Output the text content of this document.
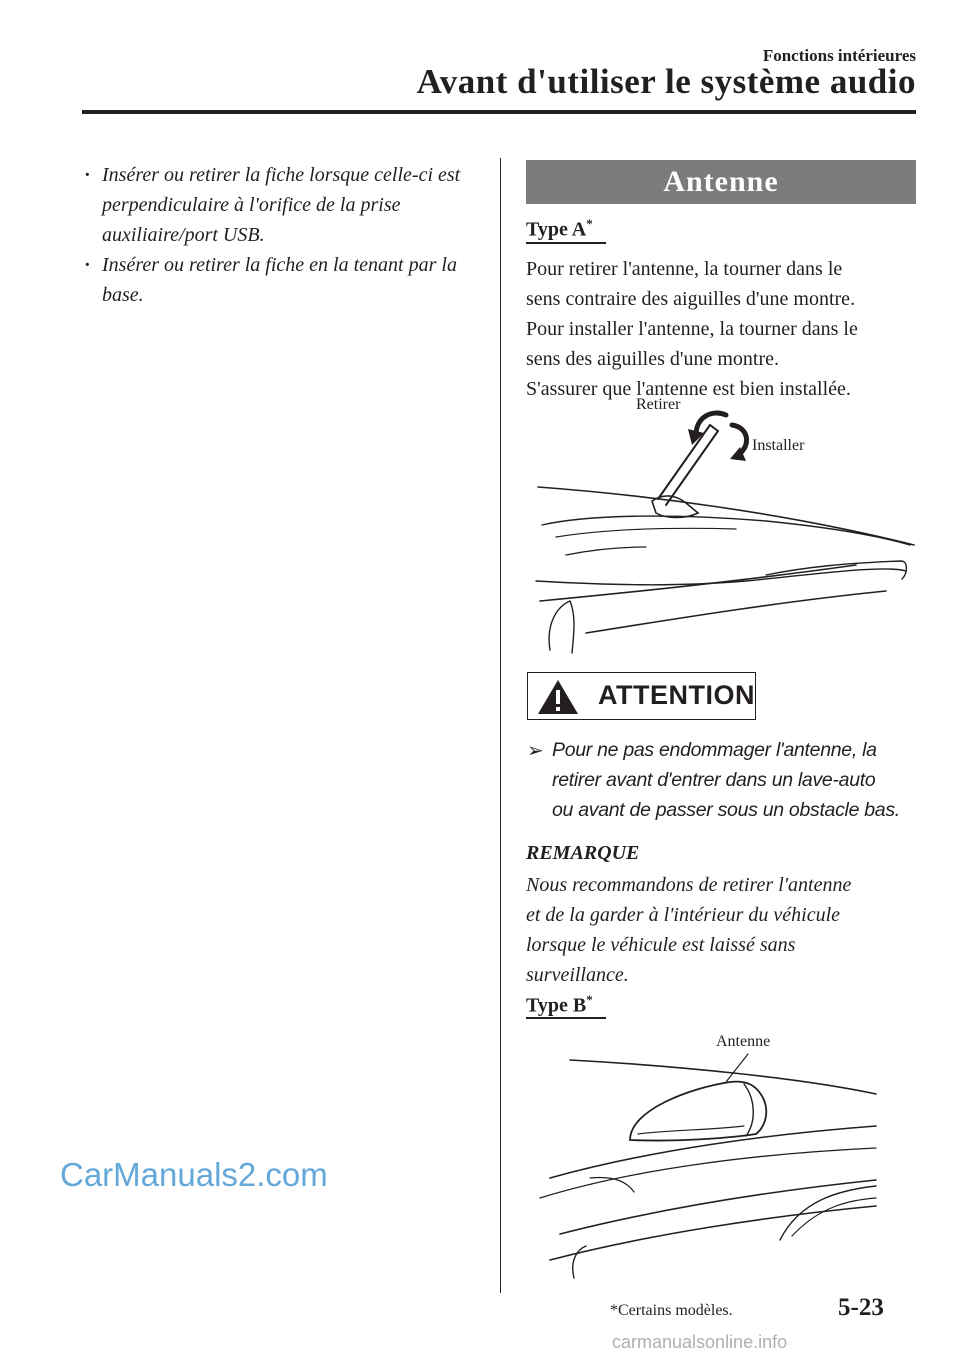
Fonctions intérieures
Avant d'utiliser le système audio
· Insérer ou retirer la fiche lorsque celle-ci est perpendiculaire à l'orifice de la prise auxiliaire/port USB.
· Insérer ou retirer la fiche en la tenant par la base.
Antenne
Type A*

Pour retirer l'antenne, la tourner dans le

sens contraire des aiguilles d'une montre.

Pour installer l'antenne, la tourner dans le

sens des aiguilles d'une montre.

S'assurer que l'antenne est bien installée.

Retirer
Installer
ATTENTION
➢ Pour ne pas endommager l'antenne, la
retirer avant d'entrer dans un lave-auto
ou avant de passer sous un obstacle bas.
REMARQUE
Nous recommandons de retirer l'antenne
et de la garder à l'intérieur du véhicule
lorsque le véhicule est laissé sans
surveillance.
Type B*
Antenne
CarManuals2.com
*Certains modèles.	5-23
carmanualsonline.info
